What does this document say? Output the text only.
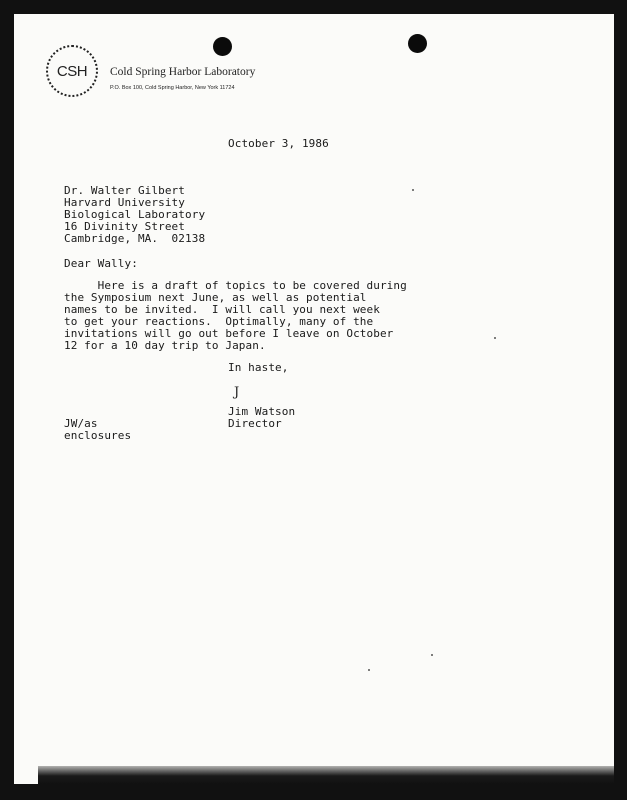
CSH Cold Spring Harbor Laboratory
P.O. Box 100, Cold Spring Harbor, New York 11724
October 3, 1986
Dr. Walter Gilbert
Harvard University
Biological Laboratory
16 Divinity Street
Cambridge, MA.  02138
Dear Wally:
Here is a draft of topics to be covered during
the Symposium next June, as well as potential
names to be invited.  I will call you next week
to get your reactions.  Optimally, many of the
invitations will go out before I leave on October
12 for a 10 day trip to Japan.
In haste,
J
Jim Watson
Director
JW/as
enclosures
